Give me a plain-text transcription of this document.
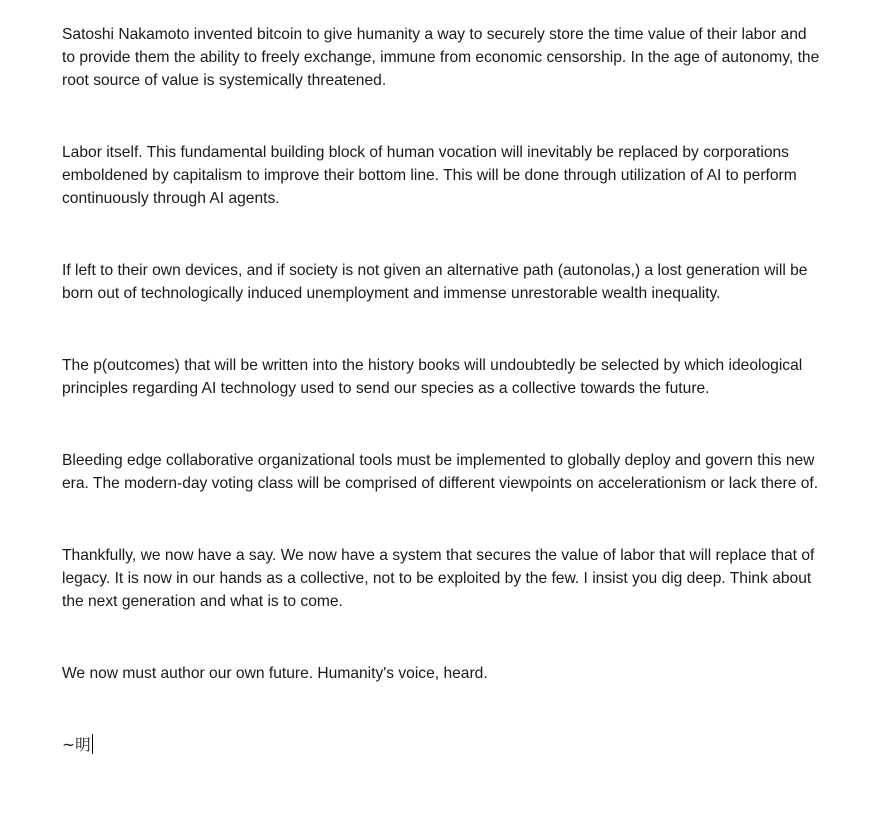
Satoshi Nakamoto invented bitcoin to give humanity a way to securely store the time value of their labor and to provide them the ability to freely exchange, immune from economic censorship. In the age of autonomy, the root source of value is systemically threatened.

Labor itself. This fundamental building block of human vocation will inevitably be replaced by corporations emboldened by capitalism to improve their bottom line. This will be done through utilization of AI to perform continuously through AI agents.

If left to their own devices, and if society is not given an alternative path (autonolas,) a lost generation will be born out of technologically induced unemployment and immense unrestorable wealth inequality.

The p(outcomes) that will be written into the history books will undoubtedly be selected by which ideological principles regarding AI technology used to send our species as a collective towards the future.

Bleeding edge collaborative organizational tools must be implemented to globally deploy and govern this new era. The modern-day voting class will be comprised of different viewpoints on accelerationism or lack there of.

Thankfully, we now have a say. We now have a system that secures the value of labor that will replace that of legacy. It is now in our hands as a collective, not to be exploited by the few. I insist you dig deep. Think about the next generation and what is to come.

We now must author our own future. Humanity's voice, heard.

~明
